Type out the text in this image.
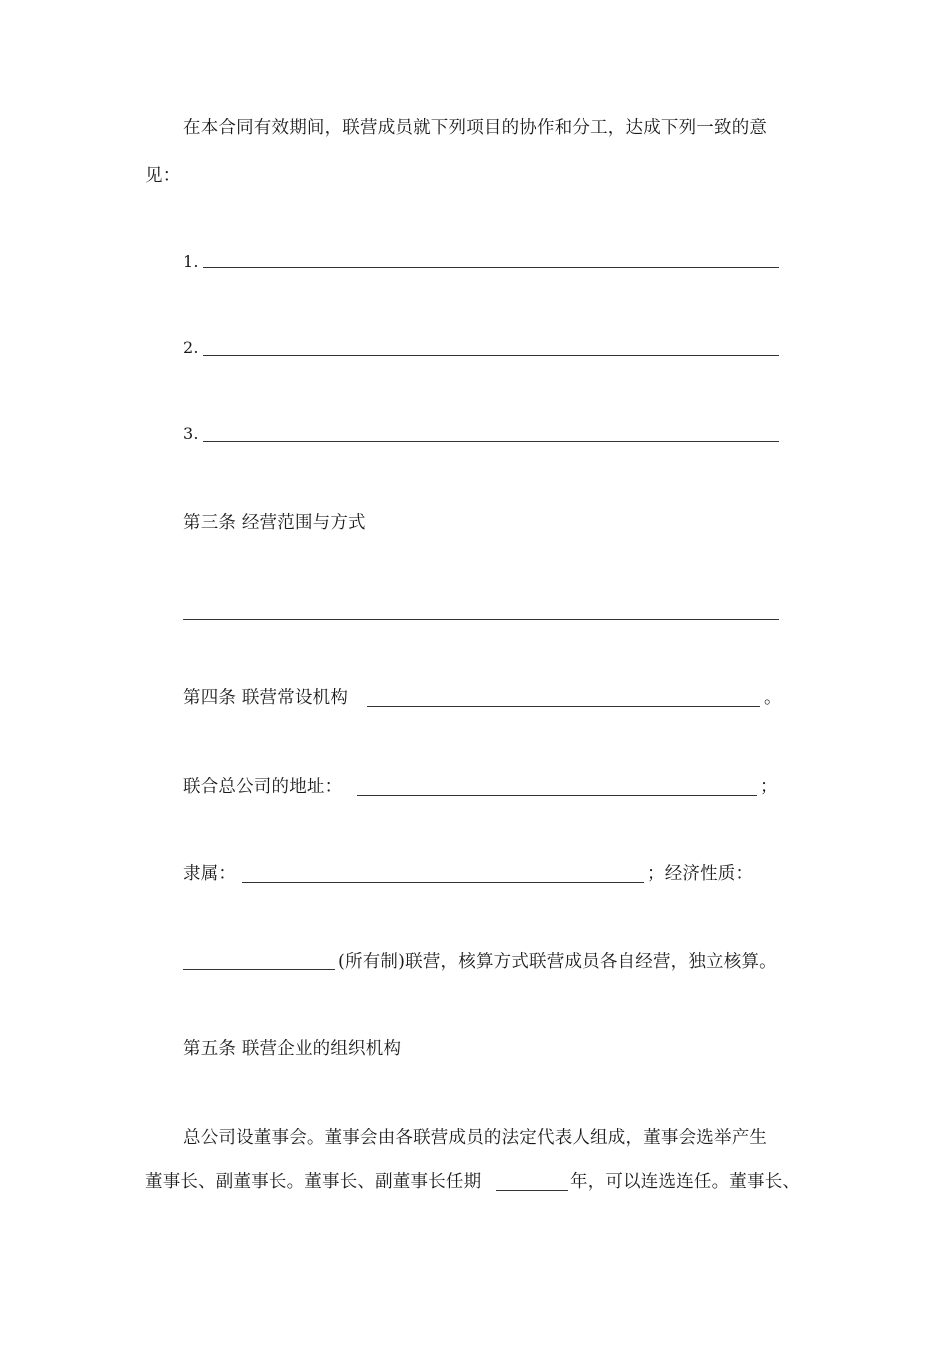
在本合同有效期间，联营成员就下列项目的协作和分工，达成下列一致的意
见：
1.
2.
3.
第三条 经营范围与方式
第四条 联营常设机构	。
联合总公司的地址：	；
隶属：	；经济性质：
(所有制)联营，核算方式联营成员各自经营，独立核算。
第五条 联营企业的组织机构
总公司设董事会。董事会由各联营成员的法定代表人组成，董事会选举产生
董事长、副董事长。董事长、副董事长任期	年，可以连选连任。董事长、
